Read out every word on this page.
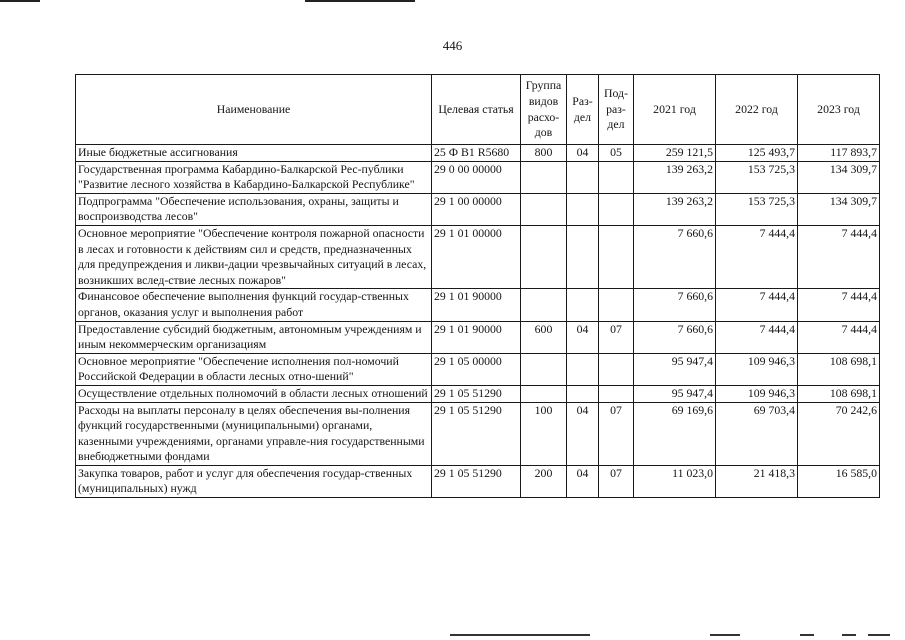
446
Наименование	Целевая статья	Группа видов расхо-дов	Раз-дел	Под-раз-дел	2021 год	2022 год	2023 год
Иные бюджетные ассигнования	25 Ф В1 R5680	800	04	05	259 121,5	125 493,7	117 893,7
Государственная программа Кабардино-Балкарской Рес-публики "Развитие лесного хозяйства в Кабардино-Балкарской Республике"	29 0 00 00000				139 263,2	153 725,3	134 309,7
Подпрограмма "Обеспечение использования, охраны, защиты и воспроизводства лесов"	29 1 00 00000				139 263,2	153 725,3	134 309,7
Основное мероприятие "Обеспечение контроля пожарной опасности в лесах и готовности к действиям сил и средств, предназначенных для предупреждения и ликви-дации чрезвычайных ситуаций в лесах, возникших вслед-ствие лесных пожаров"	29 1 01 00000				7 660,6	7 444,4	7 444,4
Финансовое обеспечение выполнения функций государ-ственных органов, оказания услуг и выполнения работ	29 1 01 90000				7 660,6	7 444,4	7 444,4
Предоставление субсидий бюджетным, автономным учреждениям и иным некоммерческим организациям	29 1 01 90000	600	04	07	7 660,6	7 444,4	7 444,4
Основное мероприятие "Обеспечение исполнения пол-номочий Российской Федерации в области лесных отно-шений"	29 1 05 00000				95 947,4	109 946,3	108 698,1
Осуществление отдельных полномочий в области лесных отношений	29 1 05 51290				95 947,4	109 946,3	108 698,1
Расходы на выплаты персоналу в целях обеспечения вы-полнения функций государственными (муниципальными) органами, казенными учреждениями, органами управле-ния государственными внебюджетными фондами	29 1 05 51290	100	04	07	69 169,6	69 703,4	70 242,6
Закупка товаров, работ и услуг для обеспечения государ-ственных (муниципальных) нужд	29 1 05 51290	200	04	07	11 023,0	21 418,3	16 585,0
